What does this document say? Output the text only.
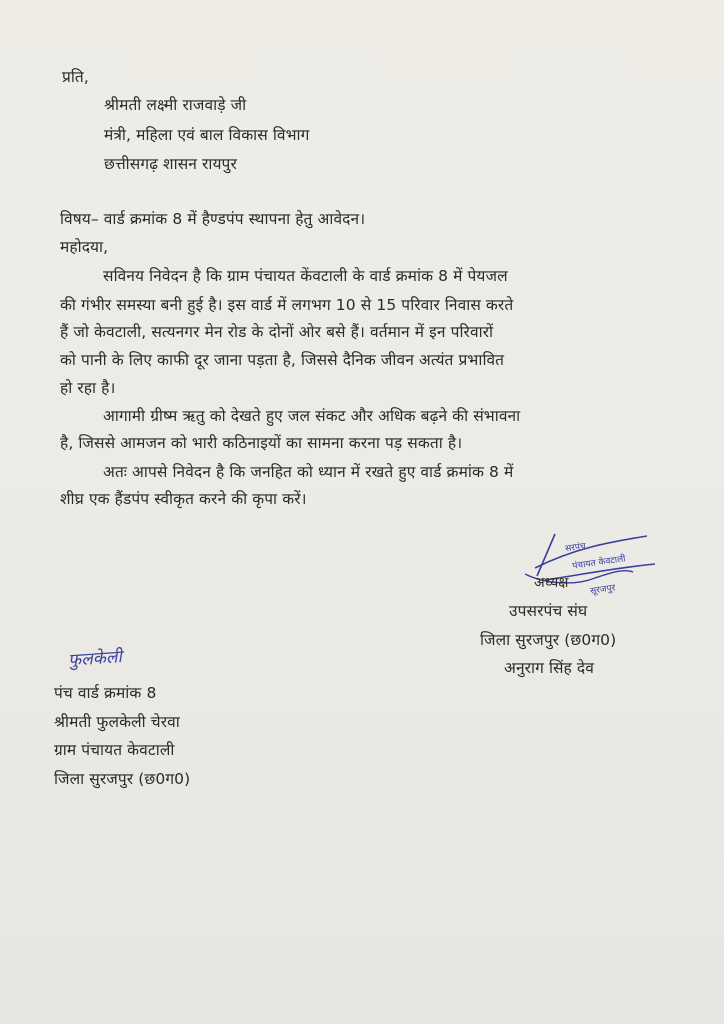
प्रति,
श्रीमती लक्ष्मी राजवाड़े जी
मंत्री, महिला एवं बाल विकास विभाग
छत्तीसगढ़ शासन रायपुर
विषय– वार्ड क्रमांक 8 में हैण्डपंप स्थापना हेतु आवेदन।
महोदया,
सविनय निवेदन है कि ग्राम पंचायत केंवटाली के वार्ड क्रमांक 8 में पेयजल
की गंभीर समस्या बनी हुई है। इस वार्ड में लगभग 10 से 15 परिवार निवास करते
हैं जो केवटाली, सत्यनगर मेन रोड के दोनों ओर बसे हैं। वर्तमान में इन परिवारों
को पानी के लिए काफी दूर जाना पड़ता है, जिससे दैनिक जीवन अत्यंत प्रभावित
हो रहा है।
आगामी ग्रीष्म ऋतु को देखते हुए जल संकट और अधिक बढ़ने की संभावना
है, जिससे आमजन को भारी कठिनाइयों का सामना करना पड़ सकता है।
अतः आपसे निवेदन है कि जनहित को ध्यान में रखते हुए वार्ड क्रमांक 8 में
शीघ्र एक हैंडपंप स्वीकृत करने की कृपा करें।
सरपंच
पंचायत केवटाली
सूरजपुर
अध्यक्ष
उपसरपंच संघ
जिला सुरजपुर (छ0ग0)
अनुराग सिंह देव
फुलकेली
पंच वार्ड क्रमांक 8
श्रीमती फुलकेली चेरवा
ग्राम पंचायत केवटाली
जिला सुरजपुर (छ0ग0)
